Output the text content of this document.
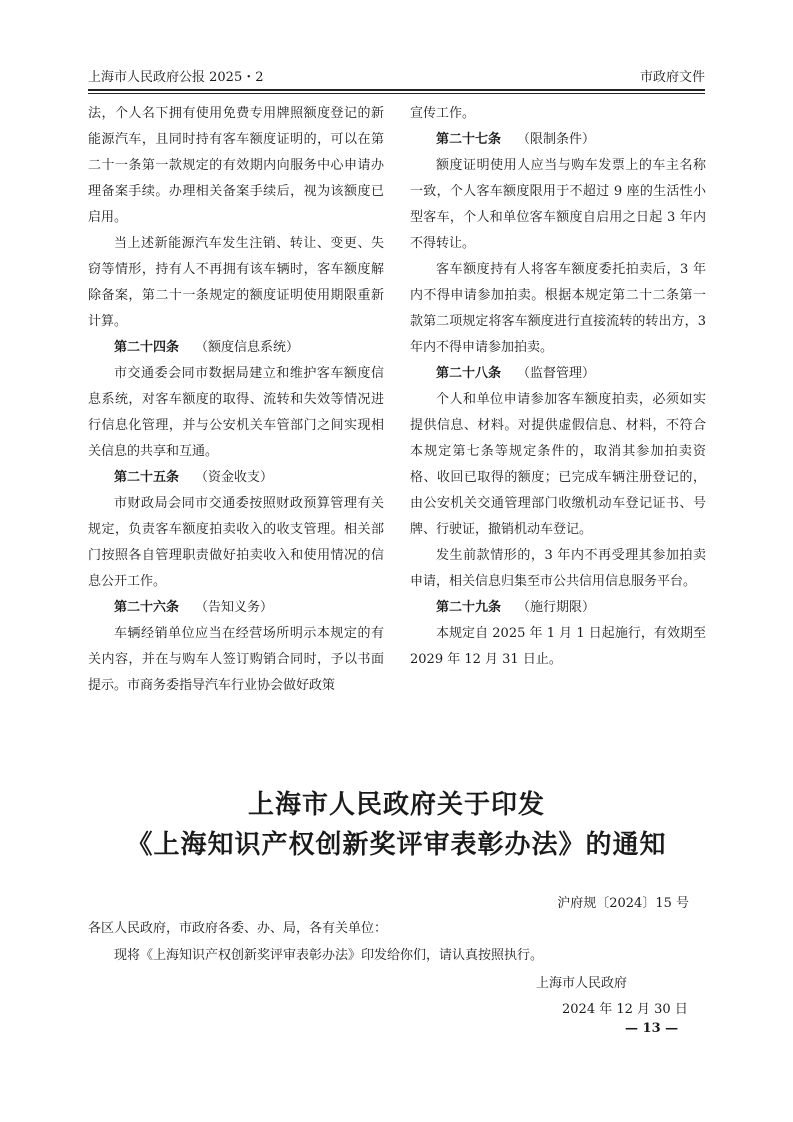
上海市人民政府公报 2025・2	市政府文件

法，个人名下拥有使用免费专用牌照额度登记的新能源汽车，且同时持有客车额度证明的，可以在第二十一条第一款规定的有效期内向服务中心申请办理备案手续。办理相关备案手续后，视为该额度已启用。

当上述新能源汽车发生注销、转让、变更、失窃等情形，持有人不再拥有该车辆时，客车额度解除备案，第二十一条规定的额度证明使用期限重新计算。

第二十四条 （额度信息系统）

市交通委会同市数据局建立和维护客车额度信息系统，对客车额度的取得、流转和失效等情况进行信息化管理，并与公安机关车管部门之间实现相关信息的共享和互通。

第二十五条 （资金收支）

市财政局会同市交通委按照财政预算管理有关规定，负责客车额度拍卖收入的收支管理。相关部门按照各自管理职责做好拍卖收入和使用情况的信息公开工作。

第二十六条 （告知义务）

车辆经销单位应当在经营场所明示本规定的有关内容，并在与购车人签订购销合同时，予以书面提示。市商务委指导汽车行业协会做好政策

宣传工作。

第二十七条 （限制条件）

额度证明使用人应当与购车发票上的车主名称一致，个人客车额度限用于不超过 9 座的生活性小型客车，个人和单位客车额度自启用之日起 3 年内不得转让。

客车额度持有人将客车额度委托拍卖后，3 年内不得申请参加拍卖。根据本规定第二十二条第一款第二项规定将客车额度进行直接流转的转出方，3 年内不得申请参加拍卖。

第二十八条 （监督管理）

个人和单位申请参加客车额度拍卖，必须如实提供信息、材料。对提供虚假信息、材料，不符合本规定第七条等规定条件的，取消其参加拍卖资格、收回已取得的额度；已完成车辆注册登记的，由公安机关交通管理部门收缴机动车登记证书、号牌、行驶证，撤销机动车登记。

发生前款情形的，3 年内不再受理其参加拍卖申请，相关信息归集至市公共信用信息服务平台。

第二十九条 （施行期限）

本规定自 2025 年 1 月 1 日起施行，有效期至 2029 年 12 月 31 日止。

上海市人民政府关于印发
《上海知识产权创新奖评审表彰办法》的通知
沪府规〔2024〕15 号
各区人民政府，市政府各委、办、局，各有关单位：
现将《上海知识产权创新奖评审表彰办法》印发给你们，请认真按照执行。
上海市人民政府
2024 年 12 月 30 日
— 13 —
